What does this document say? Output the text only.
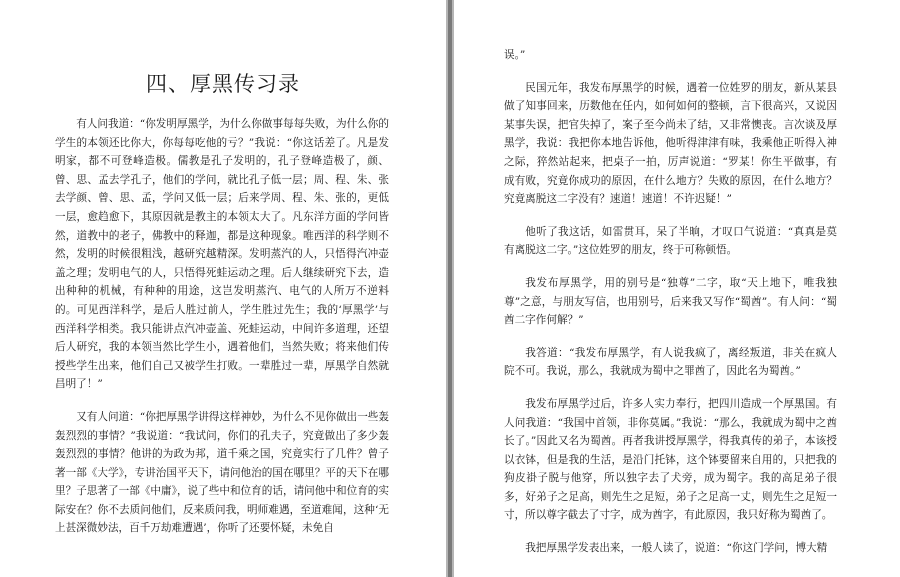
四、厚黑传习录

有人问我道：“你发明厚黑学，为什么你做事每每失败，为什么你的学生的本领还比你大，你每每吃他的亏？”我说：“你这话差了。凡是发明家，都不可登峰造极。儒教是孔子发明的，孔子登峰造极了，颜、曾、思、孟去学孔子，他们的学问，就比孔子低一层；周、程、朱、张去学颜、曾、思、孟，学问又低一层；后来学周、程、朱、张的，更低一层，愈趋愈下，其原因就是教主的本领太大了。凡东洋方面的学问皆然，道教中的老子，佛教中的释迦，都是这种现象。唯西洋的科学则不然，发明的时候很粗浅，越研究越精深。发明蒸汽的人，只悟得汽冲壶盖之理；发明电气的人，只悟得死蛙运动之理。后人继续研究下去，造出种种的机械，有种种的用途，这岂发明蒸汽、电气的人所万不逆料的。可见西洋科学，是后人胜过前人，学生胜过先生；我的‘厚黑学’与西洋科学相类。我只能讲点汽冲壶盖、死蛙运动，中间许多道理，还望后人研究，我的本领当然比学生小，遇着他们，当然失败；将来他们传授些学生出来，他们自己又被学生打败。一辈胜过一辈，厚黑学自然就昌明了！”

又有人问道：“你把厚黑学讲得这样神妙，为什么不见你做出一些轰轰烈烈的事情？”我说道：“我试问，你们的孔夫子，究竟做出了多少轰轰烈烈的事情？他讲的为政为邦，道千乘之国，究竟实行了几件？曾子著一部《大学》，专讲治国平天下，请问他治的国在哪里？平的天下在哪里？子思著了一部《中庸》，说了些中和位育的话，请问他中和位育的实际安在？你不去质问他们，反来质问我，明师难遇，至道难闻，这种‘无上甚深微妙法，百千万劫难遭遇’，你听了还要怀疑，未免自

误。”

民国元年，我发布厚黑学的时候，遇着一位姓罗的朋友，新从某县做了知事回来，历数他在任内，如何如何的整顿，言下很高兴，又说因某事失误，把官失掉了，案子至今尚未了结，又非常懊丧。言次谈及厚黑学，我说：我把你本地告诉他，他听得津津有味，我乘他正听得入神之际，猝然站起来，把桌子一拍，厉声说道：“罗某！你生平做事，有成有败，究竟你成功的原因，在什么地方？失败的原因，在什么地方？究竟离脱这二字没有？速道！速道！不许迟疑！”

他听了我这话，如雷贯耳，呆了半晌，才叹口气说道：“真真是莫有离脱这二字。”这位姓罗的朋友，终于可称顿悟。

我发布厚黑学，用的别号是“独尊”二字，取“天上地下，唯我独尊”之意，与朋友写信，也用别号，后来我又写作“蜀酋”。有人问：“蜀酋二字作何解？”

我答道：“我发布厚黑学，有人说我疯了，离经叛道，非关在疯人院不可。我说，那么，我就成为蜀中之罪酋了，因此名为蜀酋。”

我发布厚黑学过后，许多人实力奉行，把四川造成一个厚黑国。有人问我道：“我国中首领，非你莫属。”我说：“那么，我就成为蜀中之酋长了。”因此又名为蜀酋。再者我讲授厚黑学，得我真传的弟子，本该授以衣钵，但是我的生活，是沿门托钵，这个钵要留来自用的，只把我的狗皮褂子脱与他穿，所以独字去了犬旁，成为蜀字。我的高足弟子很多，好弟子之足高，则先生之足短，弟子之足高一丈，则先生之足短一寸，所以尊字截去了寸字，成为酋字，有此原因，我只好称为蜀酋了。

我把厚黑学发表出来，一般人读了，说道：“你这门学问，博大精
